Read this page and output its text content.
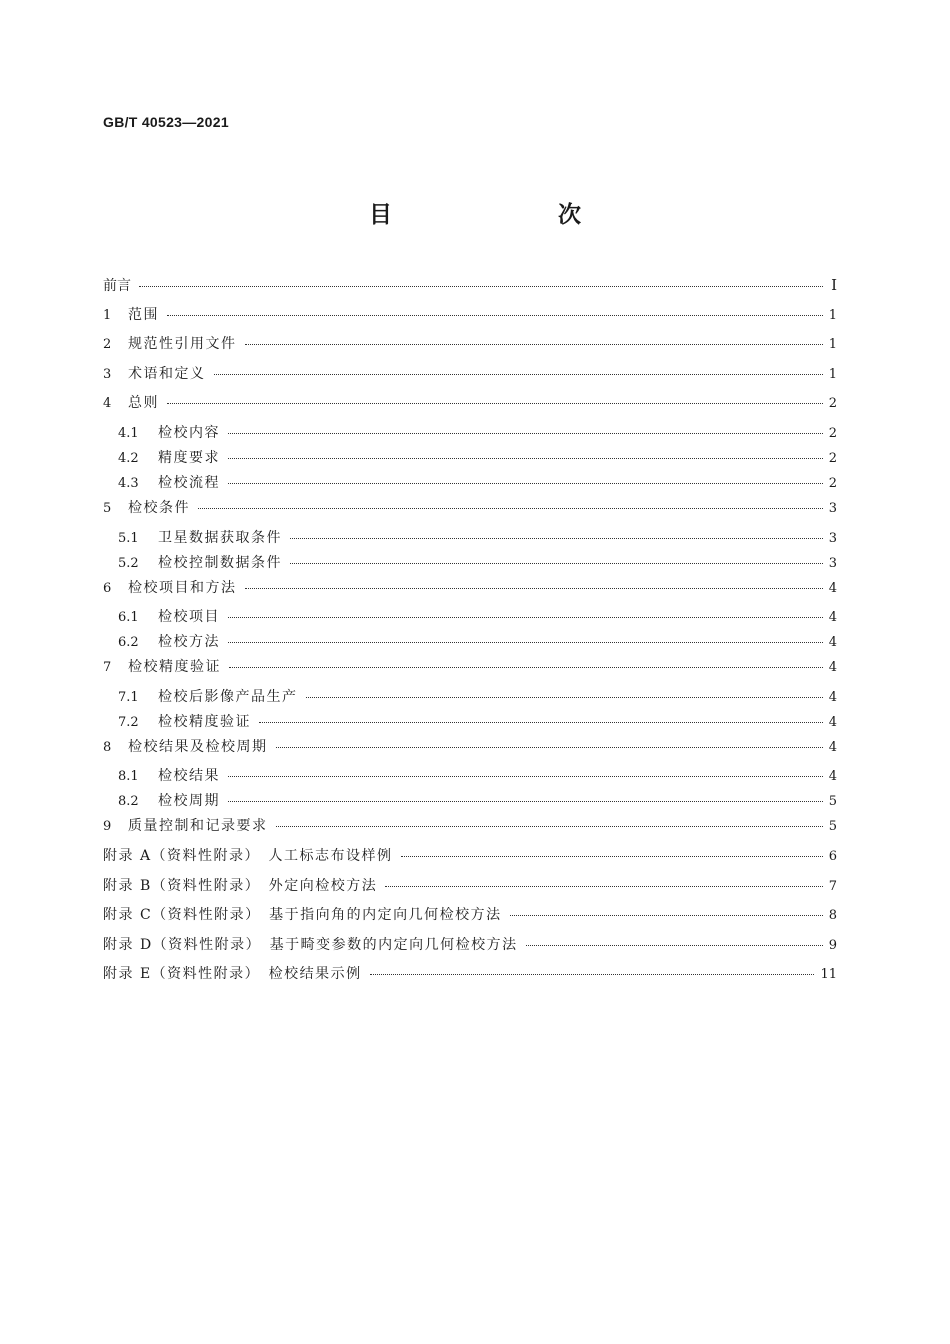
GB/T 40523—2021
目　　次
前言	I
1	范围	1
2	规范性引用文件	1
3	术语和定义	1
4	总则	2
4.1	检校内容	2
4.2	精度要求	2
4.3	检校流程	2
5	检校条件	3
5.1	卫星数据获取条件	3
5.2	检校控制数据条件	3
6	检校项目和方法	4
6.1	检校项目	4
6.2	检校方法	4
7	检校精度验证	4
7.1	检校后影像产品生产	4
7.2	检校精度验证	4
8	检校结果及检校周期	4
8.1	检校结果	4
8.2	检校周期	5
9	质量控制和记录要求	5
附录 A（资料性附录）　人工标志布设样例	6
附录 B（资料性附录）　外定向检校方法	7
附录 C（资料性附录）　基于指向角的内定向几何检校方法	8
附录 D（资料性附录）　基于畸变参数的内定向几何检校方法	9
附录 E（资料性附录）　检校结果示例	11
